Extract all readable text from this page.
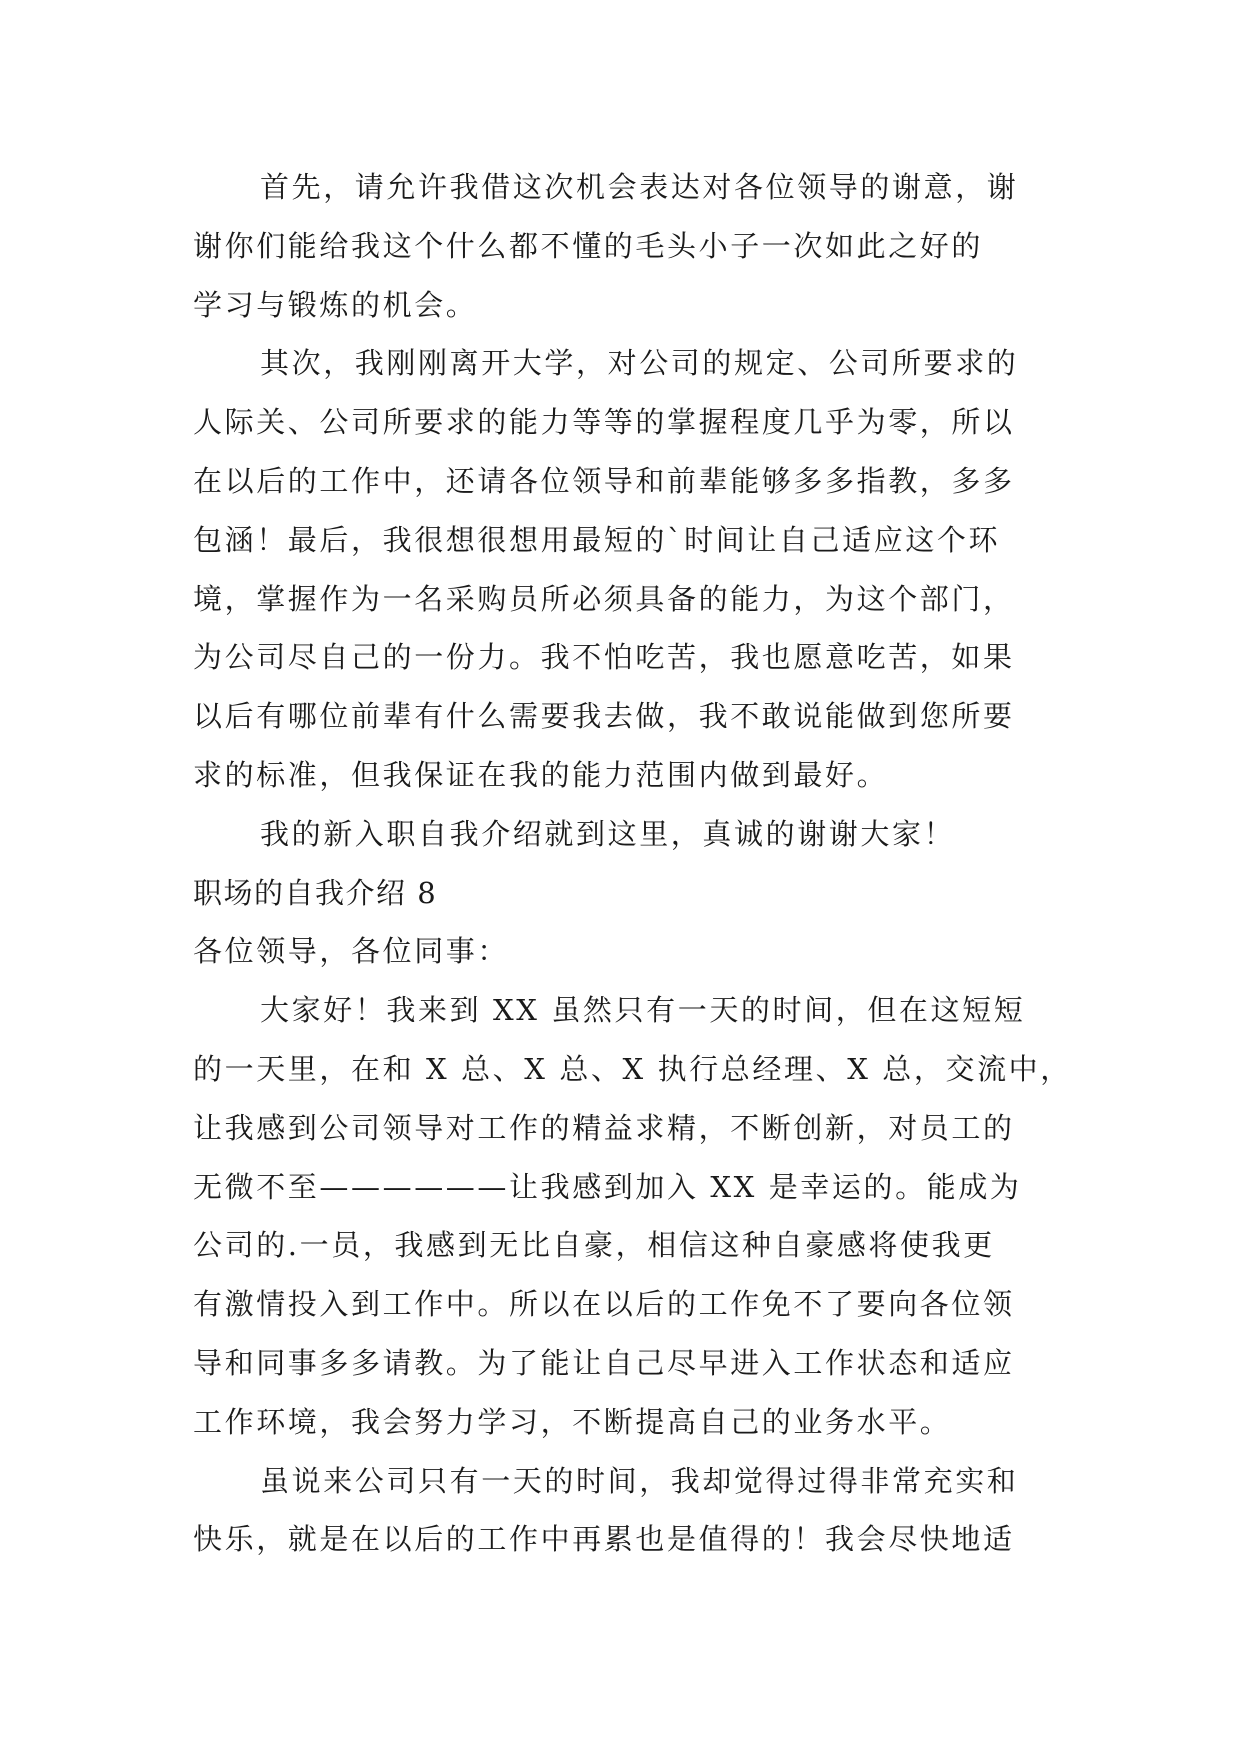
首先，请允许我借这次机会表达对各位领导的谢意，谢
谢你们能给我这个什么都不懂的毛头小子一次如此之好的
学习与锻炼的机会。
其次，我刚刚离开大学，对公司的规定、公司所要求的
人际关、公司所要求的能力等等的掌握程度几乎为零，所以
在以后的工作中，还请各位领导和前辈能够多多指教，多多
包涵！最后，我很想很想用最短的`时间让自己适应这个环
境，掌握作为一名采购员所必须具备的能力，为这个部门，
为公司尽自己的一份力。我不怕吃苦，我也愿意吃苦，如果
以后有哪位前辈有什么需要我去做，我不敢说能做到您所要
求的标准，但我保证在我的能力范围内做到最好。
我的新入职自我介绍就到这里，真诚的谢谢大家！
职场的自我介绍 8
各位领导，各位同事：
大家好！我来到 XX 虽然只有一天的时间，但在这短短
的一天里，在和 X 总、X 总、X 执行总经理、X 总，交流中，
让我感到公司领导对工作的精益求精，不断创新，对员工的
无微不至——————让我感到加入 XX 是幸运的。能成为
公司的.一员，我感到无比自豪，相信这种自豪感将使我更
有激情投入到工作中。所以在以后的工作免不了要向各位领
导和同事多多请教。为了能让自己尽早进入工作状态和适应
工作环境，我会努力学习，不断提高自己的业务水平。
虽说来公司只有一天的时间，我却觉得过得非常充实和
快乐，就是在以后的工作中再累也是值得的！我会尽快地适
